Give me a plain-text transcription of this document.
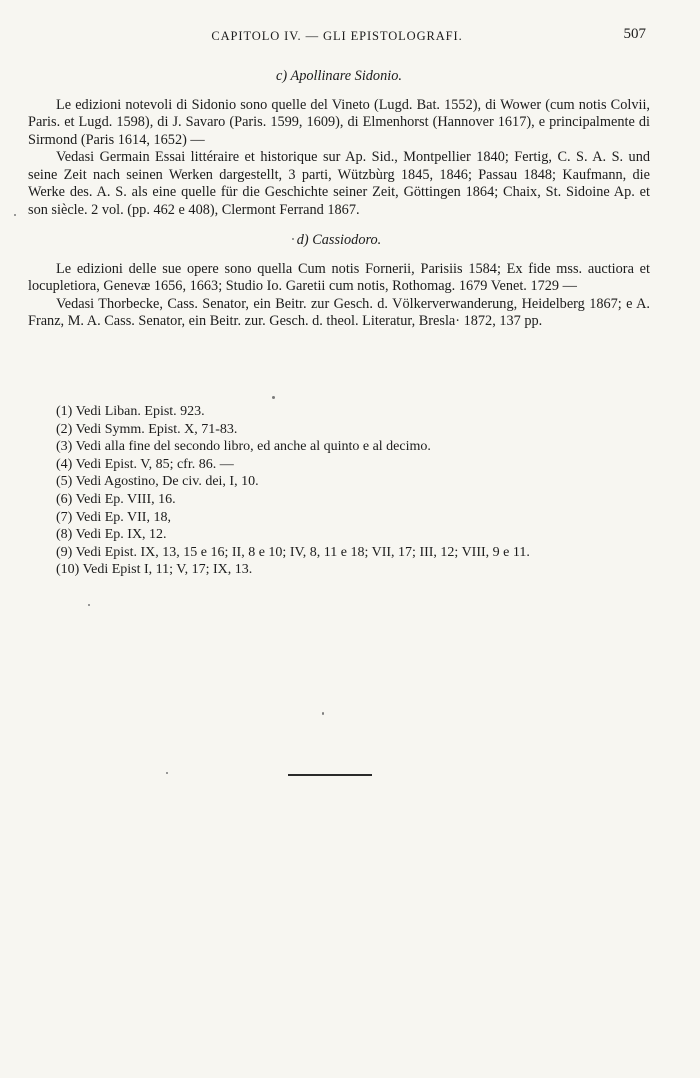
CAPITOLO IV. — GLI EPISTOLOGRAFI.	507

c) Apollinare Sidonio.

Le edizioni notevoli di Sidonio sono quelle del Vineto (Lugd. Bat. 1552), di Wower (cum notis Colvii, Paris. et Lugd. 1598), di J. Savaro (Paris. 1599, 1609), di Elmenhorst (Hannover 1617), e principalmente di Sirmond (Paris 1614, 1652) —

Vedasi Germain Essai littéraire et historique sur Ap. Sid., Montpellier 1840; Fertig, C. S. A. S. und seine Zeit nach seinen Werken dargestellt, 3 parti, Wützbùrg 1845, 1846; Passau 1848; Kaufmann, die Werke des. A. S. als eine quelle für die Geschichte seiner Zeit, Göttingen 1864; Chaix, St. Sidoine Ap. et son siècle. 2 vol. (pp. 462 e 408), Clermont Ferrand 1867.

d) Cassiodoro.

Le edizioni delle sue opere sono quella Cum notis Fornerii, Parisiis 1584; Ex fide mss. auctiora et locupletiora, Genevæ 1656, 1663; Studio Io. Garetii cum notis, Rothomag. 1679 Venet. 1729 —

Vedasi Thorbecke, Cass. Senator, ein Beitr. zur Gesch. d. Völkerverwanderung, Heidelberg 1867; e A. Franz, M. A. Cass. Senator, ein Beitr. zur. Gesch. d. theol. Literatur, Bresla· 1872, 137 pp.

(1) Vedi Liban. Epist. 923.

(2) Vedi Symm. Epist. X, 71-83.

(3) Vedi alla fine del secondo libro, ed anche al quinto e al decimo.

(4) Vedi Epist. V, 85; cfr. 86. —

(5) Vedi Agostino, De civ. dei, I, 10.

(6) Vedi Ep. VIII, 16.

(7) Vedi Ep. VII, 18,

(8) Vedi Ep. IX, 12.

(9) Vedi Epist. IX, 13, 15 e 16; II, 8 e 10; IV, 8, 11 e 18; VII, 17; III, 12; VIII, 9 e 11.

(10) Vedi Epist I, 11; V, 17; IX, 13.
